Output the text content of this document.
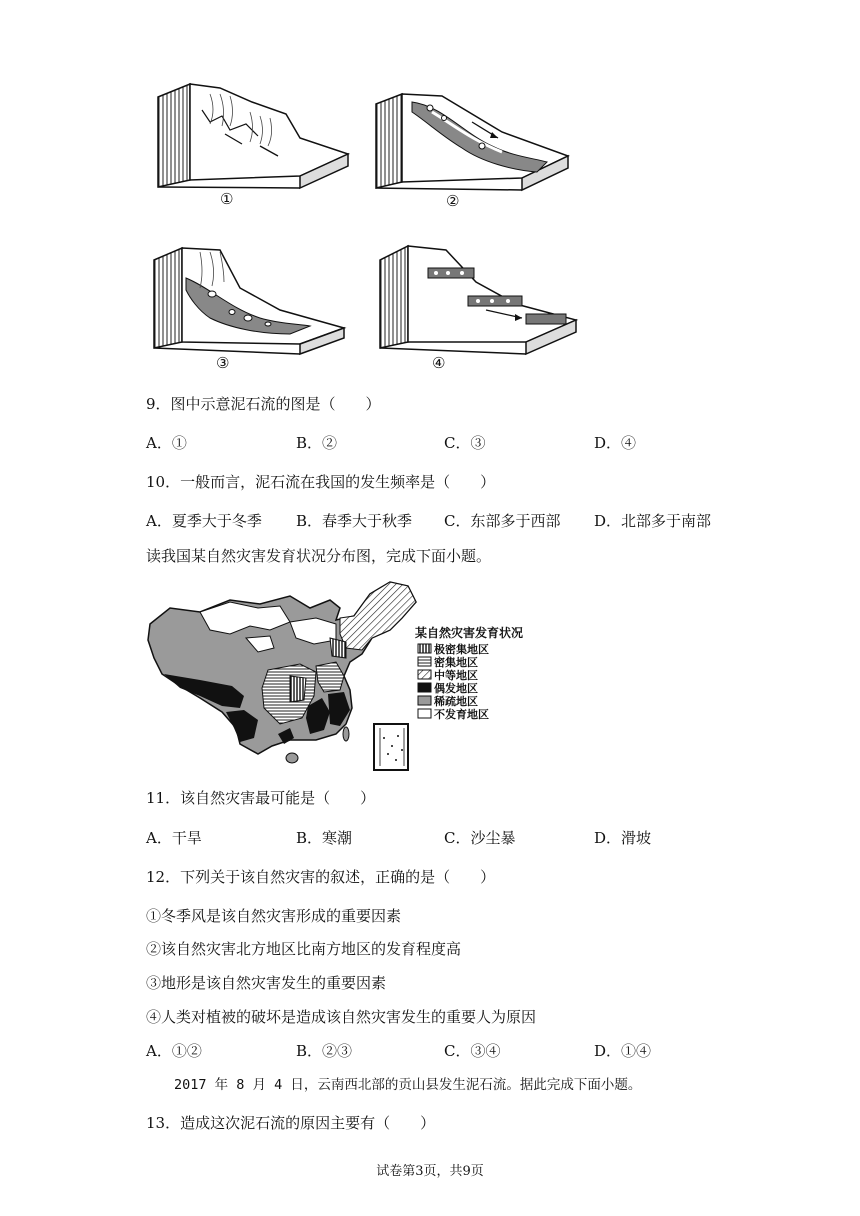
①	②
③	④
9．图中示意泥石流的图是（　　）
A．①	B．②	C．③	D．④
10．一般而言，泥石流在我国的发生频率是（　　）
A．夏季大于冬季 B．春季大于秋季 C．东部多于西部 D．北部多于南部
读我国某自然灾害发育状况分布图，完成下面小题。
某自然灾害发育状况
极密集地区
密集地区
中等地区
偶发地区
稀疏地区
不发育地区
11．该自然灾害最可能是（　　）
A．干旱	B．寒潮	C．沙尘暴	D．滑坡
12．下列关于该自然灾害的叙述，正确的是（　　）
①冬季风是该自然灾害形成的重要因素
②该自然灾害北方地区比南方地区的发育程度高
③地形是该自然灾害发生的重要因素
④人类对植被的破坏是造成该自然灾害发生的重要人为原因
A．①②	B．②③	C．③④	D．①④
2017 年 8 月 4 日，云南西北部的贡山县发生泥石流。据此完成下面小题。
13．造成这次泥石流的原因主要有（　　）
试卷第3页，共9页
